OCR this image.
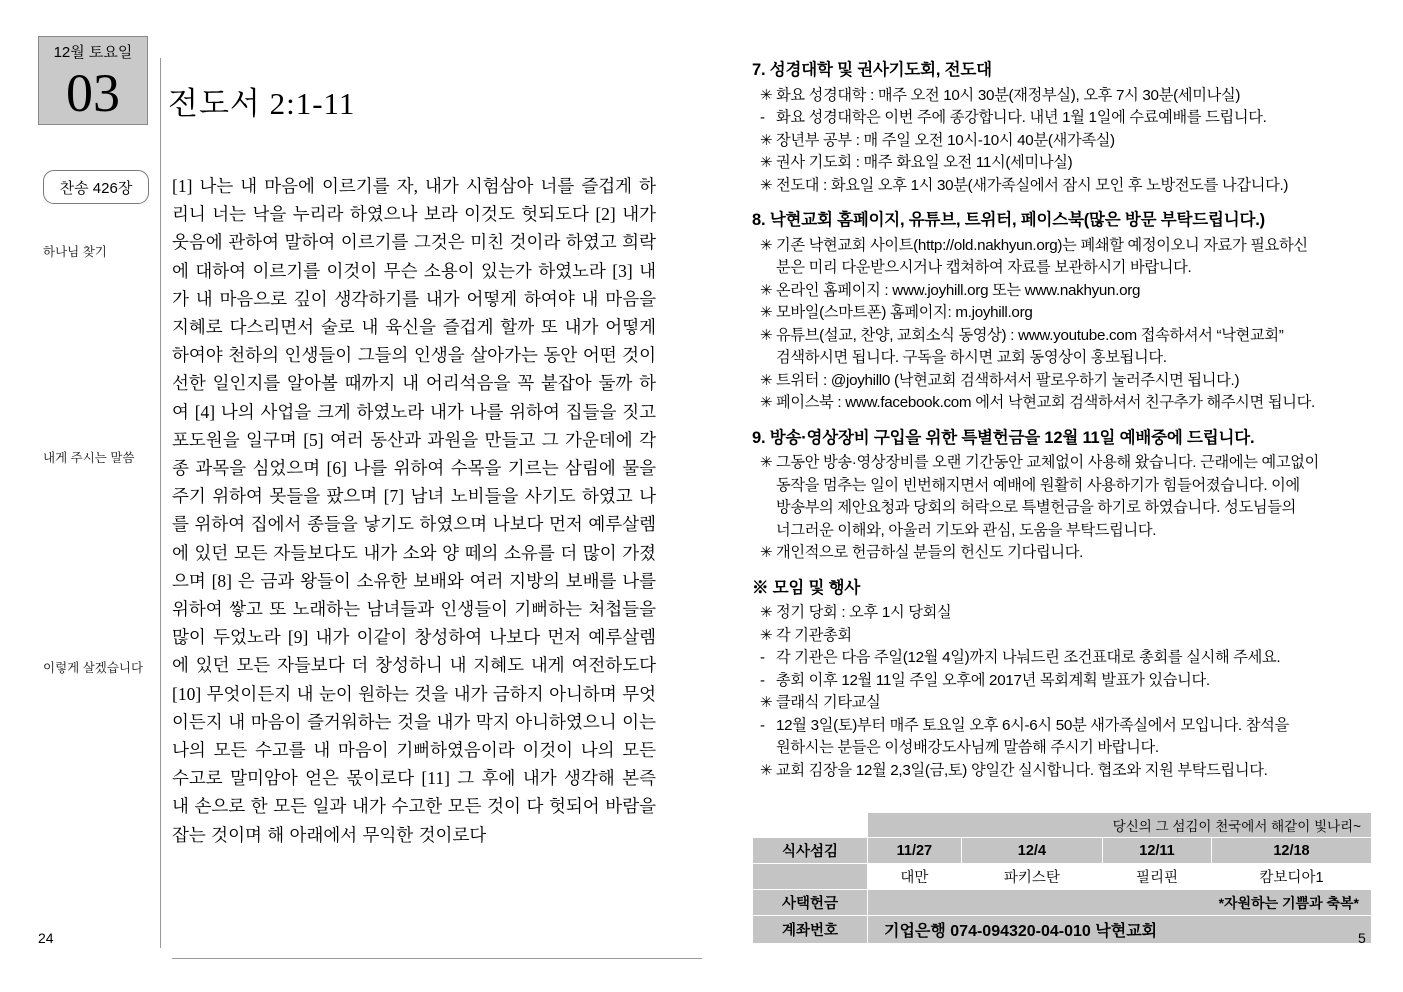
12월 토요일
03	전도서 2:1-11
찬송 426장
하나님 찾기
내게 주시는 말씀
이렇게 살겠습니다
[1] 나는 내 마음에 이르기를 자, 내가 시험삼아 너를 즐겁게 하리니 너는 낙을 누리라 하였으나 보라 이것도 헛되도다 [2] 내가 웃음에 관하여 말하여 이르기를 그것은 미친 것이라 하였고 희락에 대하여 이르기를 이것이 무슨 소용이 있는가 하였노라 [3] 내가 내 마음으로 깊이 생각하기를 내가 어떻게 하여야 내 마음을 지혜로 다스리면서 술로 내 육신을 즐겁게 할까 또 내가 어떻게 하여야 천하의 인생들이 그들의 인생을 살아가는 동안 어떤 것이 선한 일인지를 알아볼 때까지 내 어리석음을 꼭 붙잡아 둘까 하여 [4] 나의 사업을 크게 하였노라 내가 나를 위하여 집들을 짓고 포도원을 일구며 [5] 여러 동산과 과원을 만들고 그 가운데에 각종 과목을 심었으며 [6] 나를 위하여 수목을 기르는 삼림에 물을 주기 위하여 못들을 팠으며 [7] 남녀 노비들을 사기도 하였고 나를 위하여 집에서 종들을 낳기도 하였으며 나보다 먼저 예루살렘에 있던 모든 자들보다도 내가 소와 양 떼의 소유를 더 많이 가졌으며 [8] 은 금과 왕들이 소유한 보배와 여러 지방의 보배를 나를 위하여 쌓고 또 노래하는 남녀들과 인생들이 기뻐하는 처첩들을 많이 두었노라 [9] 내가 이같이 창성하여 나보다 먼저 예루살렘에 있던 모든 자들보다 더 창성하니 내 지혜도 내게 여전하도다 [10] 무엇이든지 내 눈이 원하는 것을 내가 금하지 아니하며 무엇이든지 내 마음이 즐거워하는 것을 내가 막지 아니하였으니 이는 나의 모든 수고를 내 마음이 기뻐하였음이라 이것이 나의 모든 수고로 말미암아 얻은 몫이로다 [11] 그 후에 내가 생각해 본즉 내 손으로 한 모든 일과 내가 수고한 모든 것이 다 헛되어 바람을 잡는 것이며 해 아래에서 무익한 것이로다
24
7. 성경대학 및 권사기도회, 전도대
✳ 화요 성경대학 : 매주 오전 10시 30분(재정부실), 오후 7시 30분(세미나실)
- 화요 성경대학은 이번 주에 종강합니다. 내년 1월 1일에 수료예배를 드립니다.
✳ 장년부 공부 : 매 주일 오전 10시-10시 40분(새가족실)
✳ 권사 기도회 : 매주 화요일 오전 11시(세미나실)
✳ 전도대 : 화요일 오후 1시 30분(새가족실에서 잠시 모인 후 노방전도를 나갑니다.)
8. 낙현교회 홈페이지, 유튜브, 트위터, 페이스북(많은 방문 부탁드립니다.)
✳ 기존 낙현교회 사이트(http://old.nakhyun.org)는 폐쇄할 예정이오니 자료가 필요하신
분은 미리 다운받으시거나 캡쳐하여 자료를 보관하시기 바랍니다.
✳ 온라인 홈페이지 : www.joyhill.org 또는 www.nakhyun.org
✳ 모바일(스마트폰) 홈페이지: m.joyhill.org
✳ 유튜브(설교, 찬양, 교회소식 동영상) : www.youtube.com 접속하셔서 “낙현교회”
검색하시면 됩니다. 구독을 하시면 교회 동영상이 홍보됩니다.
✳ 트위터 : @joyhill0 (낙현교회 검색하셔서 팔로우하기 눌러주시면 됩니다.)
✳ 페이스북 : www.facebook.com 에서 낙현교회 검색하셔서 친구추가 해주시면 됩니다.
9. 방송·영상장비 구입을 위한 특별헌금을 12월 11일 예배중에 드립니다.
✳ 그동안 방송·영상장비를 오랜 기간동안 교체없이 사용해 왔습니다. 근래에는 예고없이
동작을 멈추는 일이 빈번해지면서 예배에 원활히 사용하기가 힘들어졌습니다. 이에
방송부의 제안요청과 당회의 허락으로 특별헌금을 하기로 하였습니다. 성도님들의
너그러운 이해와, 아울러 기도와 관심, 도움을 부탁드립니다.
✳ 개인적으로 헌금하실 분들의 헌신도 기다립니다.
※ 모임 및 행사
✳ 정기 당회 : 오후 1시 당회실
✳ 각 기관총회
- 각 기관은 다음 주일(12월 4일)까지 나눠드린 조건표대로 총회를 실시해 주세요.
- 총회 이후 12월 11일 주일 오후에 2017년 목회계획 발표가 있습니다.
✳ 클래식 기타교실
- 12월 3일(토)부터 매주 토요일 오후 6시-6시 50분 새가족실에서 모입니다. 참석을
원하시는 분들은 이성배강도사님께 말씀해 주시기 바랍니다.
✳ 교회 김장을 12월 2,3일(금,토) 양일간 실시합니다. 협조와 지원 부탁드립니다.
	당신의 그 섬김이 천국에서 해같이 빛나리~			
식사섬김	11/27	12/4	12/11	12/18
	대만	파키스탄	필리핀	캄보디아1
사택헌금	*자원하는 기쁨과 축복*			
계좌번호	기업은행 074-094320-04-010 낙현교회				5
